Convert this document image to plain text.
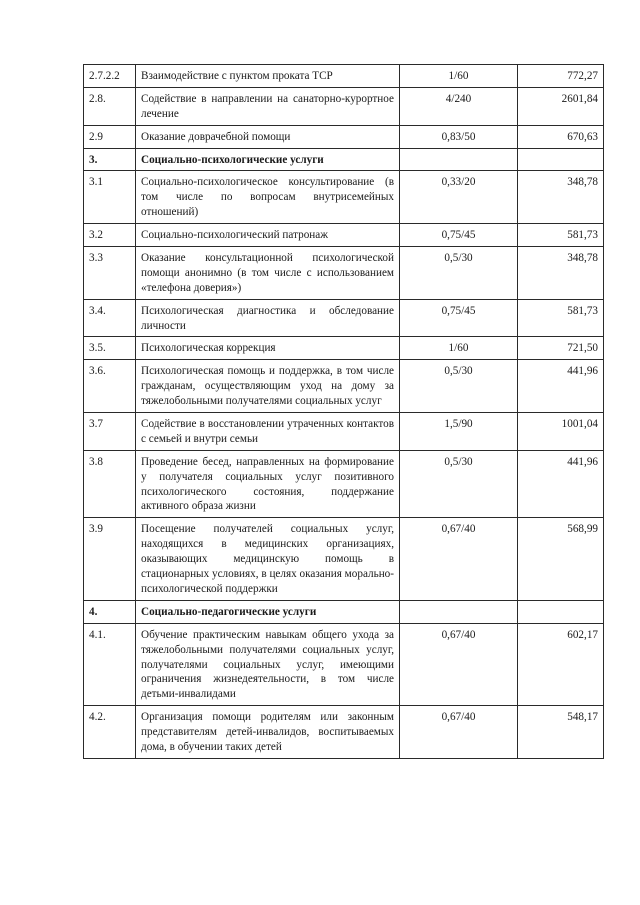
2.7.2.2	Взаимодействие с пунктом проката ТСР	1/60	772,27
2.8.	Содействие в направлении на санаторно-курортное лечение	4/240	2601,84
2.9	Оказание доврачебной помощи	0,83/50	670,63
3.	Социально-психологические услуги		
3.1	Социально-психологическое консультирование (в том числе по вопросам внутрисемейных отношений)	0,33/20	348,78
3.2	Социально-психологический патронаж	0,75/45	581,73
3.3	Оказание консультационной психологической помощи анонимно (в том числе с использованием «телефона доверия»)	0,5/30	348,78
3.4.	Психологическая диагностика и обследование личности	0,75/45	581,73
3.5.	Психологическая коррекция	1/60	721,50
3.6.	Психологическая помощь и поддержка, в том числе гражданам, осуществляющим уход на дому за тяжелобольными получателями социальных услуг	0,5/30	441,96
3.7	Содействие в восстановлении утраченных контактов с семьей и внутри семьи	1,5/90	1001,04
3.8	Проведение бесед, направленных на формирование у получателя социальных услуг позитивного психологического состояния, поддержание активного образа жизни	0,5/30	441,96
3.9	Посещение получателей социальных услуг, находящихся в медицинских организациях, оказывающих медицинскую помощь в стационарных условиях, в целях оказания морально-психологической поддержки	0,67/40	568,99
4.	Социально-педагогические услуги		
4.1.	Обучение практическим навыкам общего ухода за тяжелобольными получателями социальных услуг, получателями социальных услуг, имеющими ограничения жизнедеятельности, в том числе детьми-инвалидами	0,67/40	602,17
4.2.	Организация помощи родителям или законным представителям детей-инвалидов, воспитываемых дома, в обучении таких детей	0,67/40	548,17
